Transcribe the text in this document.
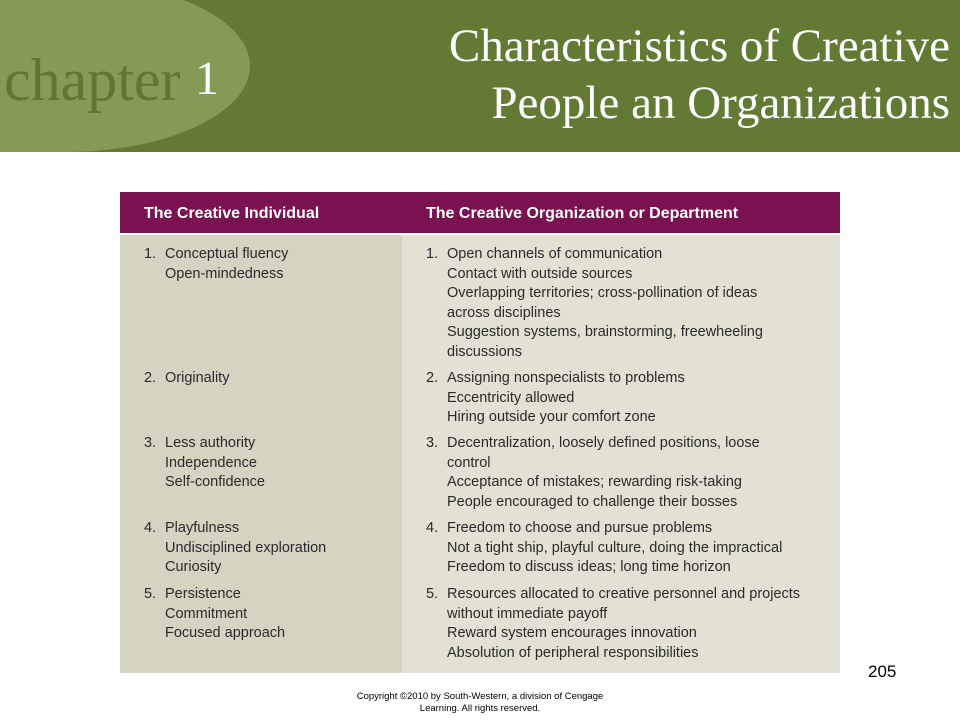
chapter 1
Characteristics of Creative
People an Organizations
The Creative Individual	The Creative Organization or Department
1. Conceptual fluency
Open-mindedness
1. Open channels of communication
Contact with outside sources
Overlapping territories; cross-pollination of ideas
across disciplines
Suggestion systems, brainstorming, freewheeling
discussions
2. Originality	2. Assigning nonspecialists to problems
Eccentricity allowed
Hiring outside your comfort zone
3. Less authority
Independence
Self-confidence
3. Decentralization, loosely defined positions, loose
control
Acceptance of mistakes; rewarding risk-taking
People encouraged to challenge their bosses
4. Playfulness
Undisciplined exploration
Curiosity
4. Freedom to choose and pursue problems
Not a tight ship, playful culture, doing the impractical
Freedom to discuss ideas; long time horizon
5. Persistence
Commitment
Focused approach
5. Resources allocated to creative personnel and projects
without immediate payoff
Reward system encourages innovation
Absolution of peripheral responsibilities
205
Copyright ©2010 by South-Western, a division of Cengage
Learning. All rights reserved.
